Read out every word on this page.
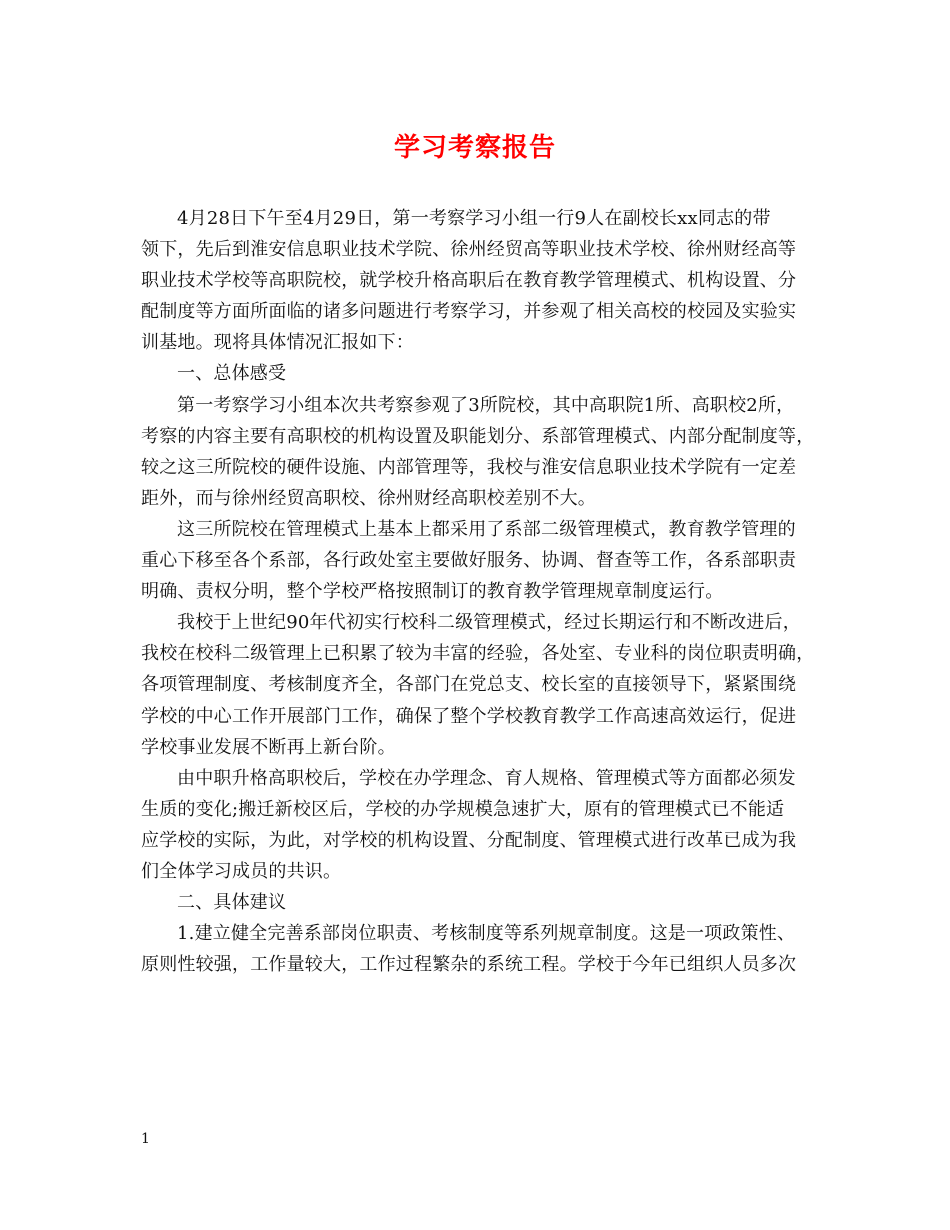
学习考察报告
4月28日下午至4月29日，第一考察学习小组一行9人在副校长xx同志的带
领下，先后到淮安信息职业技术学院、徐州经贸高等职业技术学校、徐州财经高等
职业技术学校等高职院校，就学校升格高职后在教育教学管理模式、机构设置、分
配制度等方面所面临的诸多问题进行考察学习，并参观了相关高校的校园及实验实
训基地。现将具体情况汇报如下：
一、总体感受
第一考察学习小组本次共考察参观了3所院校，其中高职院1所、高职校2所，
考察的内容主要有高职校的机构设置及职能划分、系部管理模式、内部分配制度等，
较之这三所院校的硬件设施、内部管理等，我校与淮安信息职业技术学院有一定差
距外，而与徐州经贸高职校、徐州财经高职校差别不大。
这三所院校在管理模式上基本上都采用了系部二级管理模式，教育教学管理的
重心下移至各个系部，各行政处室主要做好服务、协调、督查等工作，各系部职责
明确、责权分明，整个学校严格按照制订的教育教学管理规章制度运行。
我校于上世纪90年代初实行校科二级管理模式，经过长期运行和不断改进后，
我校在校科二级管理上已积累了较为丰富的经验，各处室、专业科的岗位职责明确，
各项管理制度、考核制度齐全，各部门在党总支、校长室的直接领导下，紧紧围绕
学校的中心工作开展部门工作，确保了整个学校教育教学工作高速高效运行，促进
学校事业发展不断再上新台阶。
由中职升格高职校后，学校在办学理念、育人规格、管理模式等方面都必须发
生质的变化;搬迁新校区后，学校的办学规模急速扩大，原有的管理模式已不能适
应学校的实际，为此，对学校的机构设置、分配制度、管理模式进行改革已成为我
们全体学习成员的共识。
二、具体建议
1.建立健全完善系部岗位职责、考核制度等系列规章制度。这是一项政策性、
原则性较强，工作量较大，工作过程繁杂的系统工程。学校于今年已组织人员多次
1
